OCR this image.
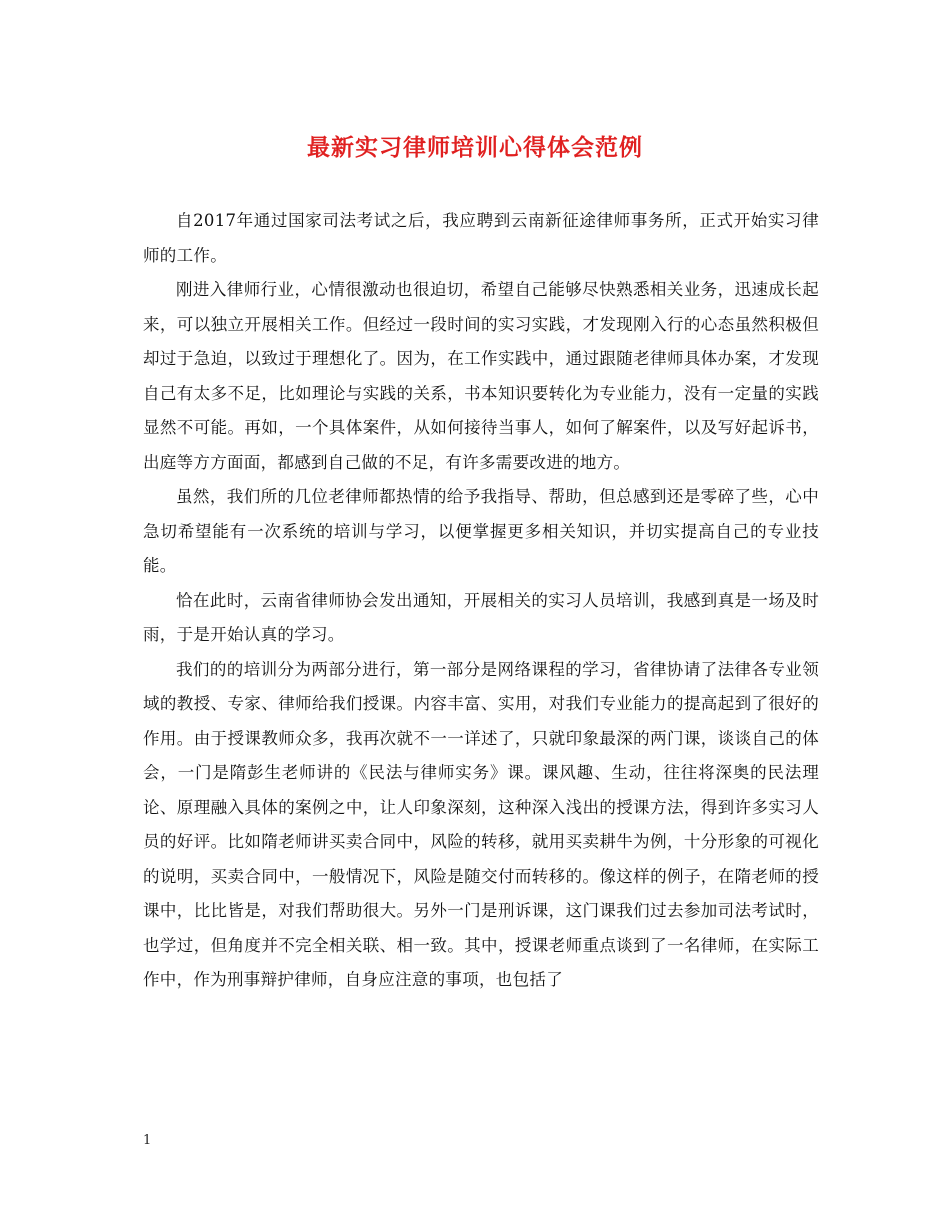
最新实习律师培训心得体会范例

自2017年通过国家司法考试之后，我应聘到云南新征途律师事务所，正式开始实习律师的工作。

刚进入律师行业，心情很激动也很迫切，希望自己能够尽快熟悉相关业务，迅速成长起来，可以独立开展相关工作。但经过一段时间的实习实践，才发现刚入行的心态虽然积极但却过于急迫，以致过于理想化了。因为，在工作实践中，通过跟随老律师具体办案，才发现自己有太多不足，比如理论与实践的关系，书本知识要转化为专业能力，没有一定量的实践显然不可能。再如，一个具体案件，从如何接待当事人，如何了解案件，以及写好起诉书，出庭等方方面面，都感到自己做的不足，有许多需要改进的地方。

虽然，我们所的几位老律师都热情的给予我指导、帮助，但总感到还是零碎了些，心中急切希望能有一次系统的培训与学习，以便掌握更多相关知识，并切实提高自己的专业技能。

恰在此时，云南省律师协会发出通知，开展相关的实习人员培训，我感到真是一场及时雨，于是开始认真的学习。

我们的的培训分为两部分进行，第一部分是网络课程的学习，省律协请了法律各专业领域的教授、专家、律师给我们授课。内容丰富、实用，对我们专业能力的提高起到了很好的作用。由于授课教师众多，我再次就不一一详述了，只就印象最深的两门课，谈谈自己的体会，一门是隋彭生老师讲的《民法与律师实务》课。课风趣、生动，往往将深奥的民法理论、原理融入具体的案例之中，让人印象深刻，这种深入浅出的授课方法，得到许多实习人员的好评。比如隋老师讲买卖合同中，风险的转移，就用买卖耕牛为例，十分形象的可视化的说明，买卖合同中，一般情况下，风险是随交付而转移的。像这样的例子，在隋老师的授课中，比比皆是，对我们帮助很大。另外一门是刑诉课，这门课我们过去参加司法考试时，也学过，但角度并不完全相关联、相一致。其中，授课老师重点谈到了一名律师，在实际工作中，作为刑事辩护律师，自身应注意的事项，也包括了

1
